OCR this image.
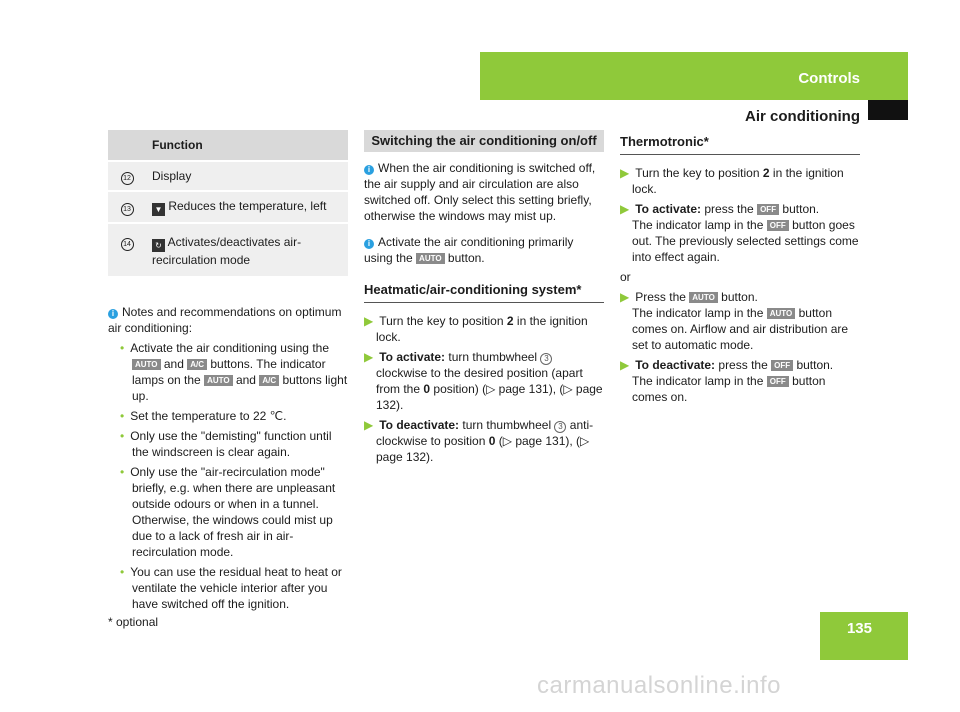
Controls
Air conditioning
	Function
12	Display
13	▼ Reduces the temperature, left
14	↻ Activates/deactivates air-recirculation mode

i Notes and recommendations on optimum air conditioning:

• Activate the air conditioning using the AUTO and A/C buttons. The indicator lamps on the AUTO and A/C buttons light up.

• Set the temperature to 22 ℃.

• Only use the "demisting" function until the windscreen is clear again.

• Only use the "air-recirculation mode" briefly, e.g. when there are unpleasant outside odours or when in a tunnel. Otherwise, the windows could mist up due to a lack of fresh air in air-recirculation mode.

• You can use the residual heat to heat or ventilate the vehicle interior after you have switched off the ignition.

Switching the air conditioning on/off

i When the air conditioning is switched off, the air supply and air circulation are also switched off. Only select this setting briefly, otherwise the windows may mist up.

i Activate the air conditioning primarily using the AUTO button.

Heatmatic/air-conditioning system*

▶ Turn the key to position 2 in the ignition lock.

▶ To activate: turn thumbwheel 3 clockwise to the desired position (apart from the 0 position) (▷ page 131), (▷ page 132).

▶ To deactivate: turn thumbwheel 3 anti-clockwise to position 0 (▷ page 131), (▷ page 132).

Thermotronic*

▶ Turn the key to position 2 in the ignition lock.

▶ To activate: press the OFF button.

The indicator lamp in the OFF button goes out. The previously selected settings come into effect again.

or

▶ Press the AUTO button.

The indicator lamp in the AUTO button comes on. Airflow and air distribution are set to automatic mode.

▶ To deactivate: press the OFF button.

The indicator lamp in the OFF button comes on.

135
* optional
carmanualsonline.info
